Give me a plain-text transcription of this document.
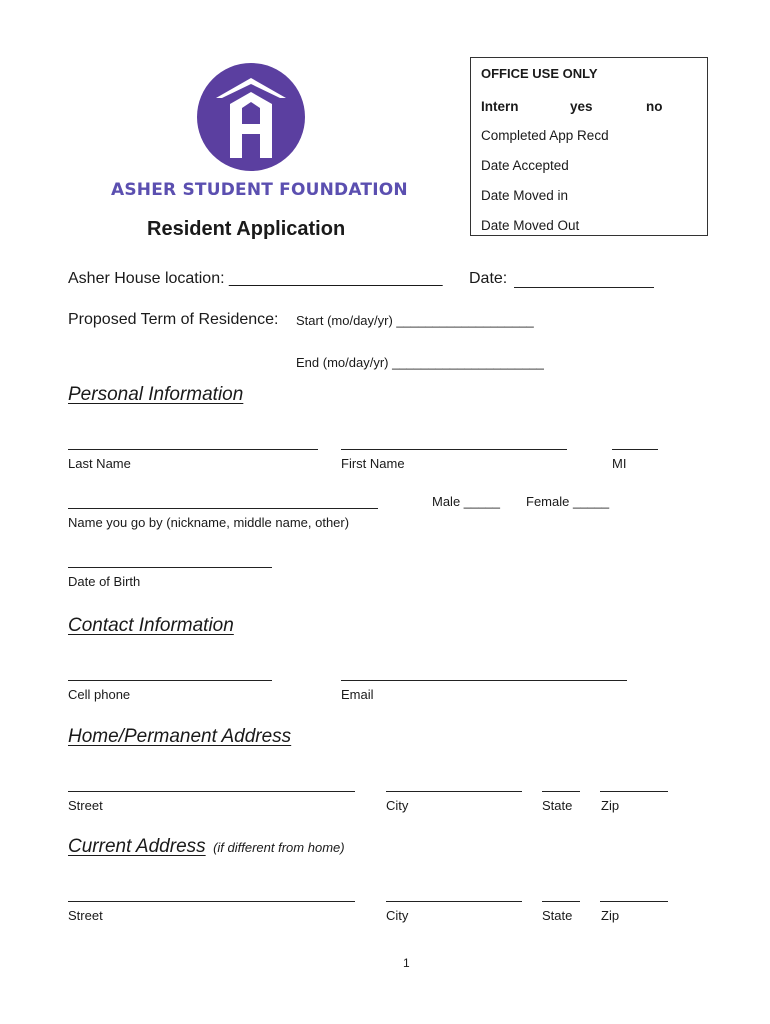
ASHER STUDENT FOUNDATION
Resident Application
OFFICE USE ONLY
Intern	yes	no
Completed App Recd
Date Accepted
Date Moved in
Date Moved Out
Asher House location: ________________________ Date:
Proposed Term of Residence: Start (mo/day/yr) ___________________
End (mo/day/yr) _____________________
Personal Information
Last Name	First Name	MI
Male _____ Female _____
Name you go by (nickname, middle name, other)
Date of Birth
Contact Information
Cell phone	Email
Home/Permanent Address
Street	City	State Zip
Current Address (if different from home)
Street	City	State Zip
1
